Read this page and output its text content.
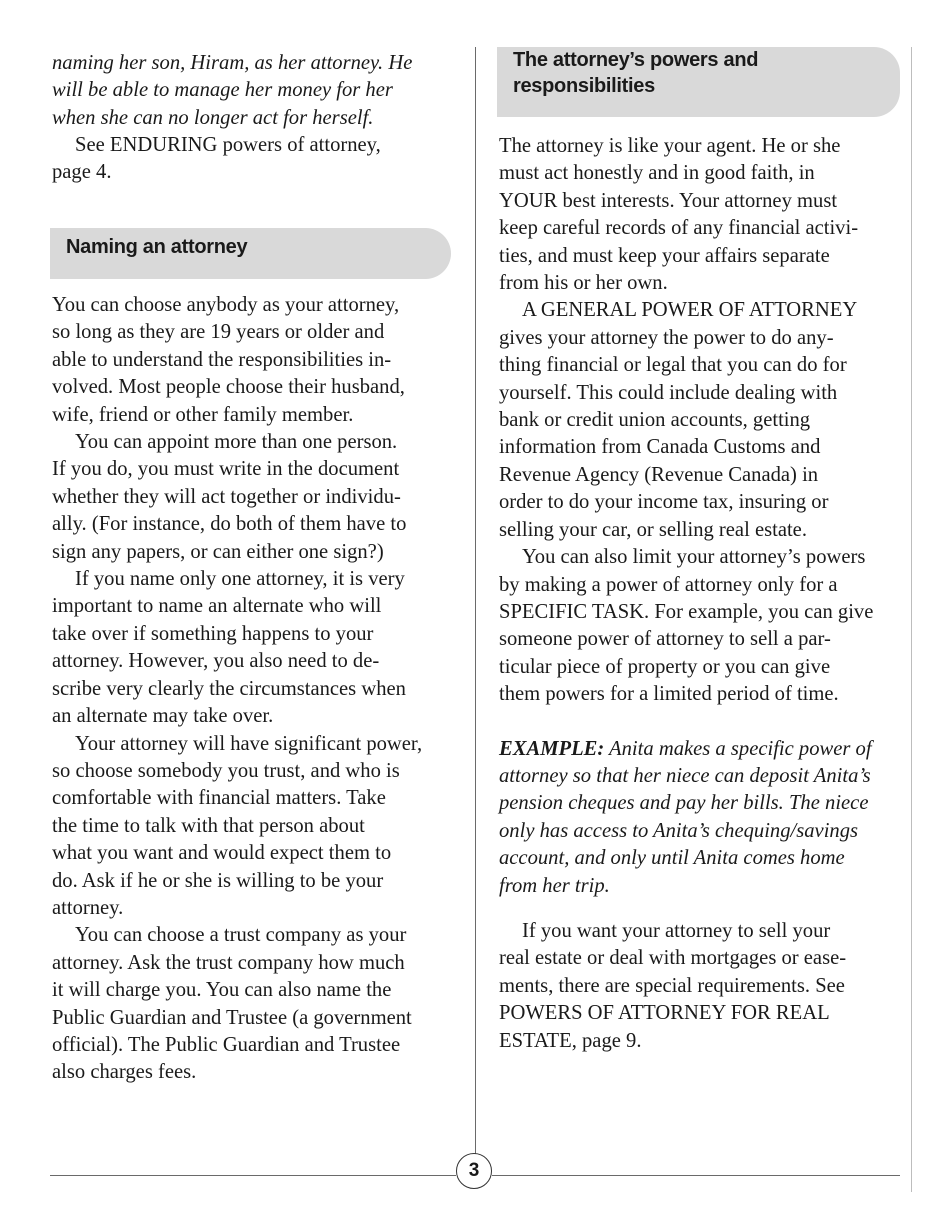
naming her son, Hiram, as her attorney. He
will be able to manage her money for her
when she can no longer act for herself.

See ENDURING powers of attorney,
page 4.

Naming an attorney

You can choose anybody as your attorney,
so long as they are 19 years or older and
able to understand the responsibilities in-
volved. Most people choose their husband,
wife, friend or other family member.

You can appoint more than one person.
If you do, you must write in the document
whether they will act together or individu-
ally. (For instance, do both of them have to
sign any papers, or can either one sign?)

If you name only one attorney, it is very
important to name an alternate who will
take over if something happens to your
attorney. However, you also need to de-
scribe very clearly the circumstances when
an alternate may take over.

Your attorney will have significant power,
so choose somebody you trust, and who is
comfortable with financial matters. Take
the time to talk with that person about
what you want and would expect them to
do. Ask if he or she is willing to be your
attorney.

You can choose a trust company as your
attorney. Ask the trust company how much
it will charge you. You can also name the
Public Guardian and Trustee (a government
official). The Public Guardian and Trustee
also charges fees.

The attorney’s powers and
responsibilities

The attorney is like your agent. He or she
must act honestly and in good faith, in
YOUR best interests. Your attorney must
keep careful records of any financial activi-
ties, and must keep your affairs separate
from his or her own.

A GENERAL POWER OF ATTORNEY
gives your attorney the power to do any-
thing financial or legal that you can do for
yourself. This could include dealing with
bank or credit union accounts, getting
information from Canada Customs and
Revenue Agency (Revenue Canada) in
order to do your income tax, insuring or
selling your car, or selling real estate.

You can also limit your attorney’s powers
by making a power of attorney only for a
SPECIFIC TASK. For example, you can give
someone power of attorney to sell a par-
ticular piece of property or you can give
them powers for a limited period of time.

EXAMPLE: Anita makes a specific power of
attorney so that her niece can deposit Anita’s
pension cheques and pay her bills. The niece
only has access to Anita’s chequing/savings
account, and only until Anita comes home
from her trip.

If you want your attorney to sell your
real estate or deal with mortgages or ease-
ments, there are special requirements. See
POWERS OF ATTORNEY FOR REAL
ESTATE, page 9.

3
